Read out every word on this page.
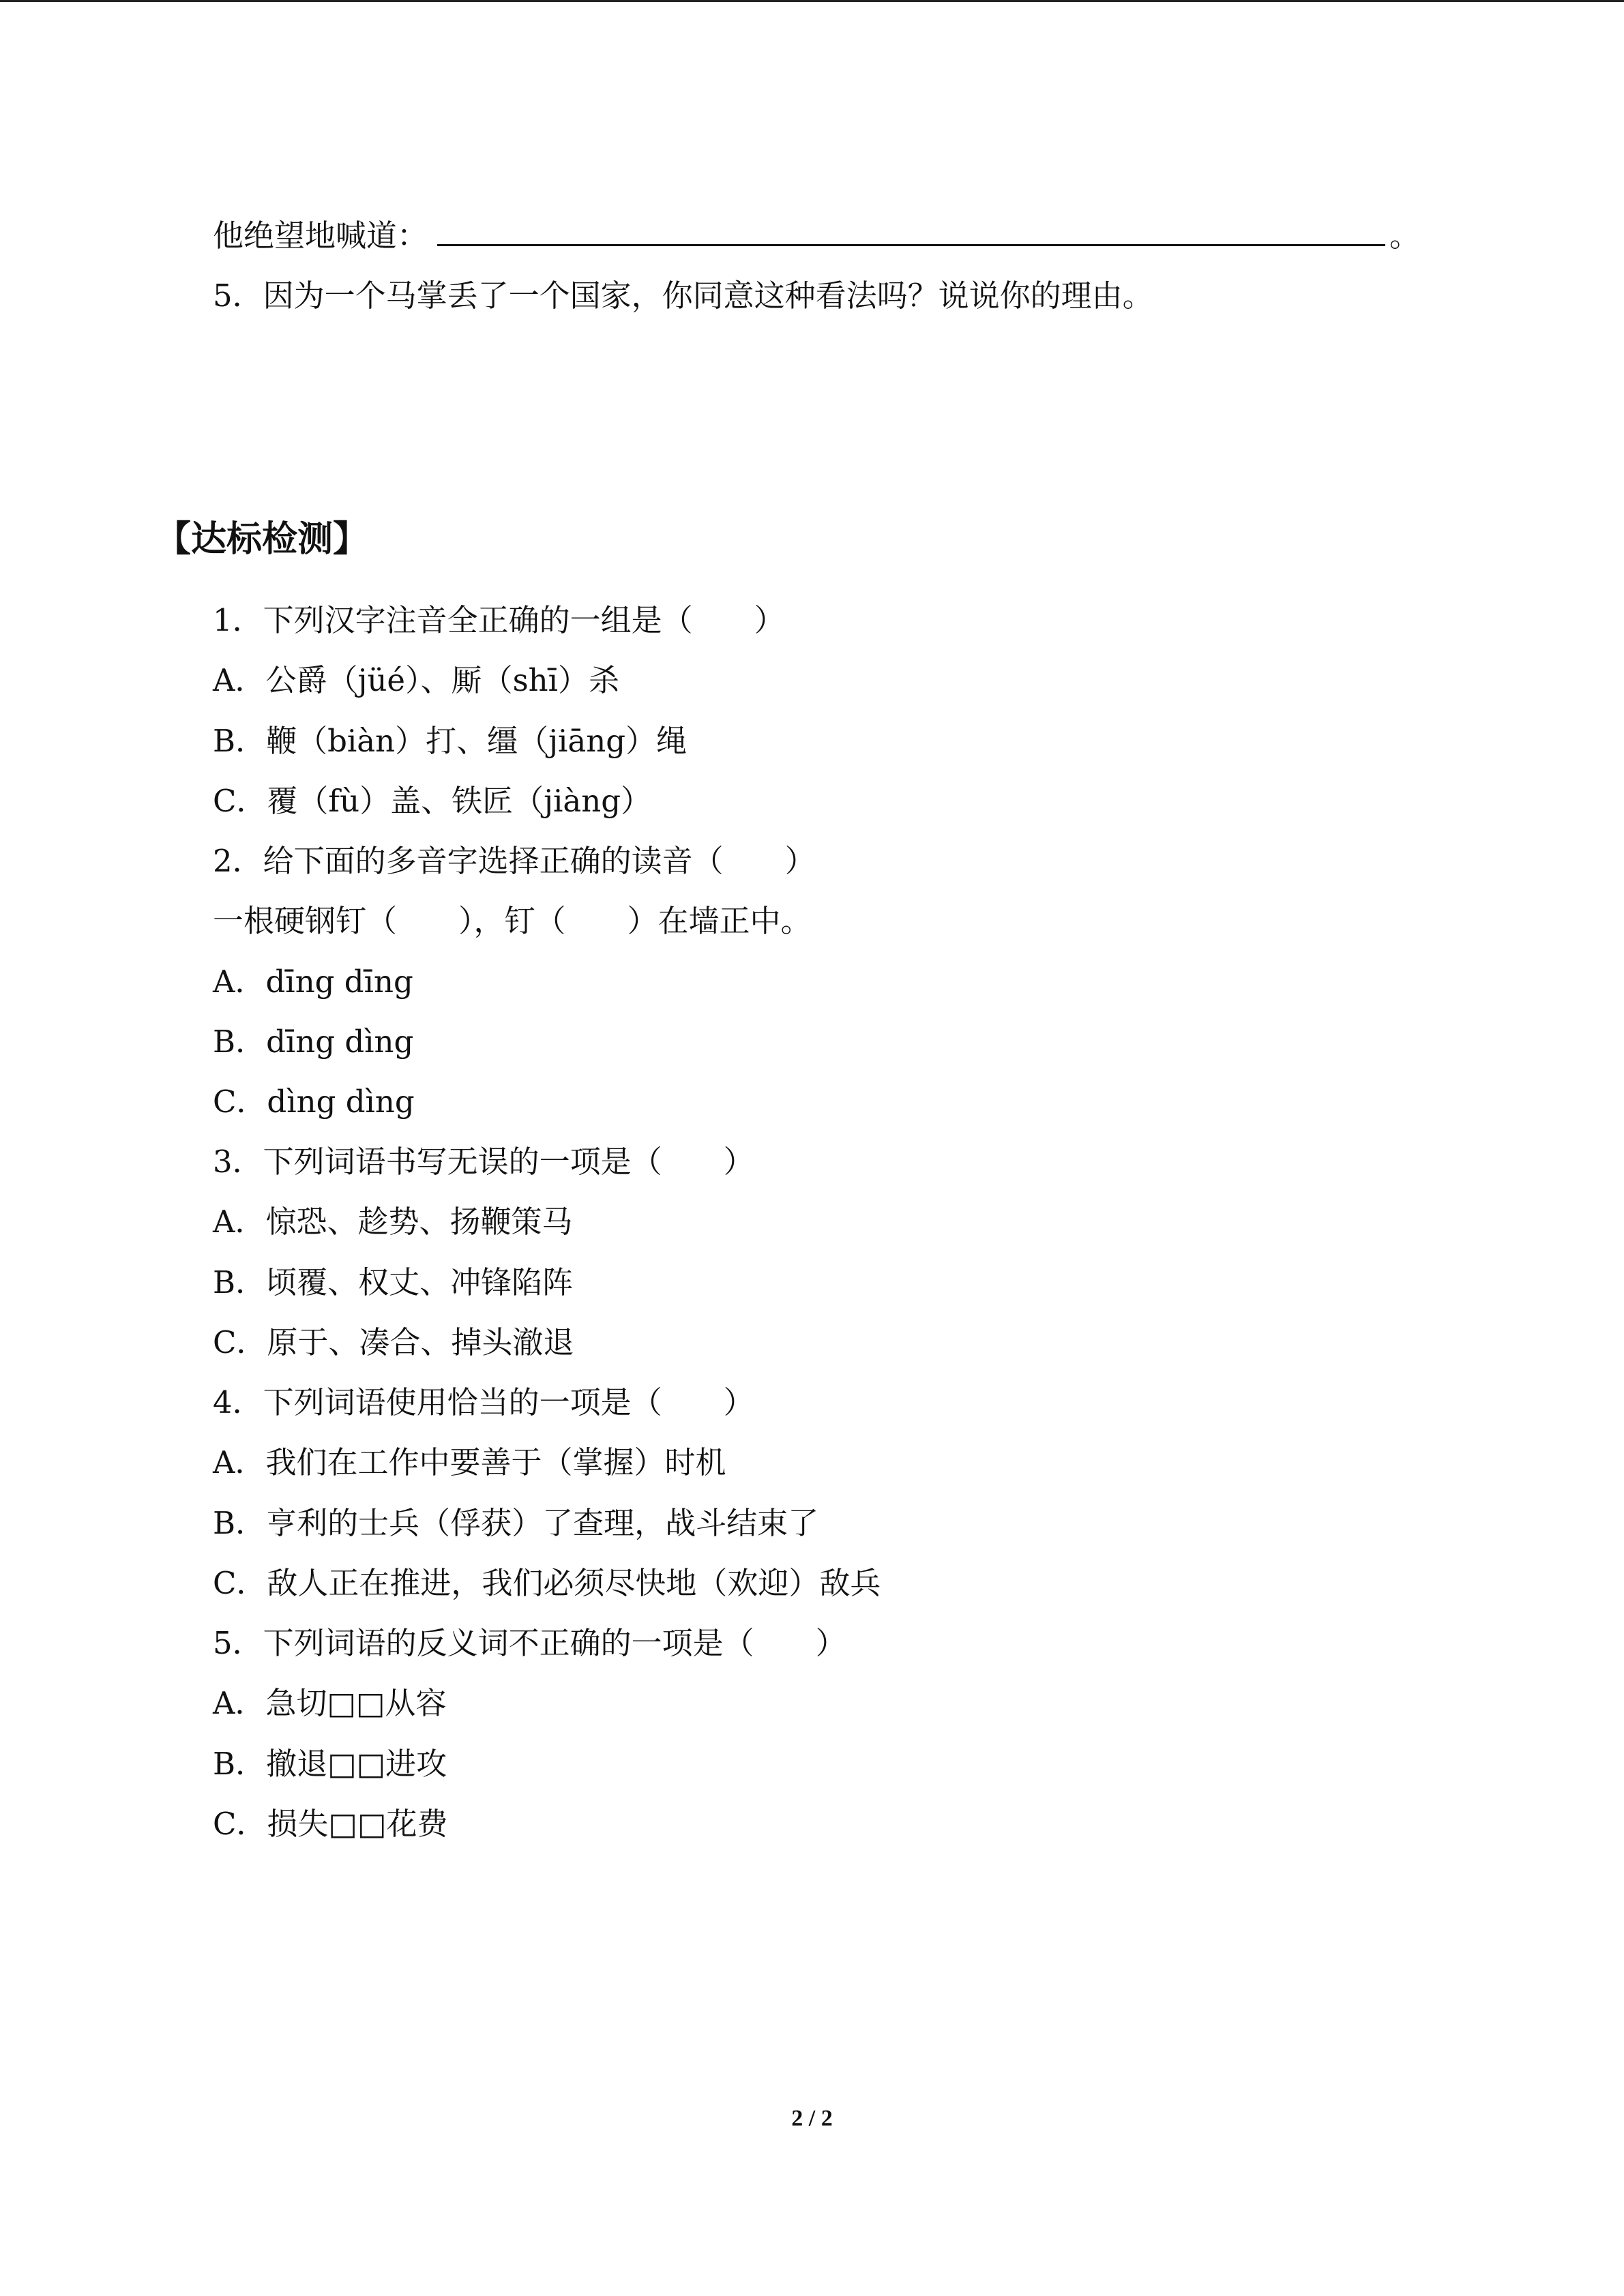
他绝望地喊道：	。
5．因为一个马掌丢了一个国家，你同意这种看法吗？说说你的理由。
【达标检测】
1．下列汉字注音全正确的一组是（　　）
A．公爵（jüé）、厮（shī）杀
B．鞭（biàn）打、缰（jiāng）绳
C．覆（fù）盖、铁匠（jiàng）
2．给下面的多音字选择正确的读音（　　）
一根硬钢钉（　　），钉（　　）在墙正中。
A．dīng dīng
B．dīng dìng
C．dìng dìng
3．下列词语书写无误的一项是（　　）
A．惊恐、趁势、扬鞭策马
B．顷覆、权丈、冲锋陷阵
C．原于、凑合、掉头澈退
4．下列词语使用恰当的一项是（　　）
A．我们在工作中要善于（掌握）时机
B．亨利的士兵（俘获）了查理，战斗结束了
C．敌人正在推进，我们必须尽快地（欢迎）敌兵
5．下列词语的反义词不正确的一项是（　　）
A．急切□□从容
B．撤退□□进攻
C．损失□□花费
2 / 2
